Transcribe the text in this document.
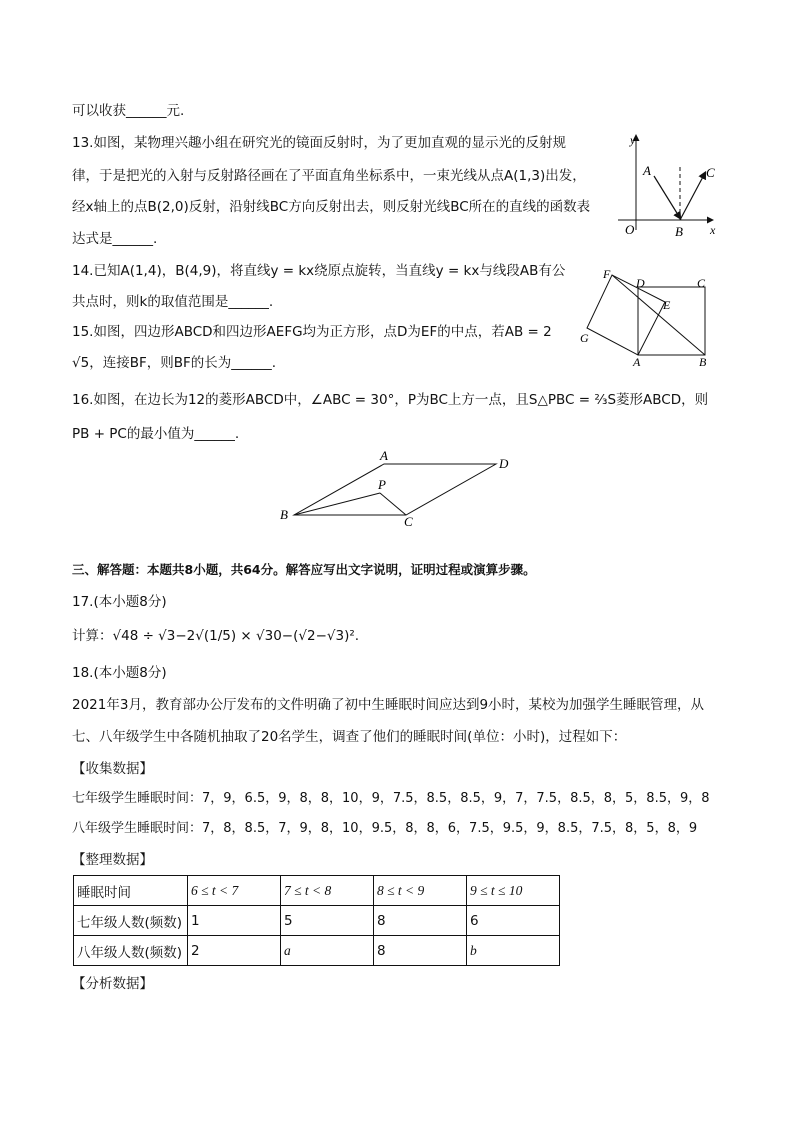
可以收获______元.
13.如图，某物理兴趣小组在研究光的镜面反射时，为了更加直观的显示光的反射规
律，于是把光的入射与反射路径画在了平面直角坐标系中，一束光线从点A(1,3)出发，
经x轴上的点B(2,0)反射，沿射线BC方向反射出去，则反射光线BC所在的直线的函数表
达式是______.
y
A	C
O	B x
14.已知A(1,4)，B(4,9)，将直线y = kx绕原点旋转，当直线y = kx与线段AB有公
共点时，则k的取值范围是______.
15.如图，四边形ABCD和四边形AEFG均为正方形，点D为EF的中点，若AB = 2
√5，连接BF，则BF的长为______.
F
D	C
E
G
A	B
16.如图，在边长为12的菱形ABCD中，∠ABC = 30°，P为BC上方一点，且S△PBC = ⅔S菱形ABCD，则
PB + PC的最小值为______.
A
D
P
B	C
三、解答题：本题共8小题，共64分。解答应写出文字说明，证明过程或演算步骤。
17.(本小题8分)
计算：√48 ÷ √3−2√(1/5) × √30−(√2−√3)².
18.(本小题8分)
2021年3月，教育部办公厅发布的文件明确了初中生睡眠时间应达到9小时，某校为加强学生睡眠管理，从
七、八年级学生中各随机抽取了20名学生，调查了他们的睡眠时间(单位：小时)，过程如下：
【收集数据】
七年级学生睡眠时间：7，9，6.5，9，8，8，10，9，7.5，8.5，8.5，9，7，7.5，8.5，8，5，8.5，9，8
八年级学生睡眠时间：7，8，8.5，7，9，8，10，9.5，8，8，6，7.5，9.5，9，8.5，7.5，8，5，8，9
【整理数据】
睡眠时间	6 ≤ t < 7	7 ≤ t < 8	8 ≤ t < 9	9 ≤ t ≤ 10
七年级人数(频数)	1	5	8	6
八年级人数(频数)	2	a	8	b
【分析数据】
